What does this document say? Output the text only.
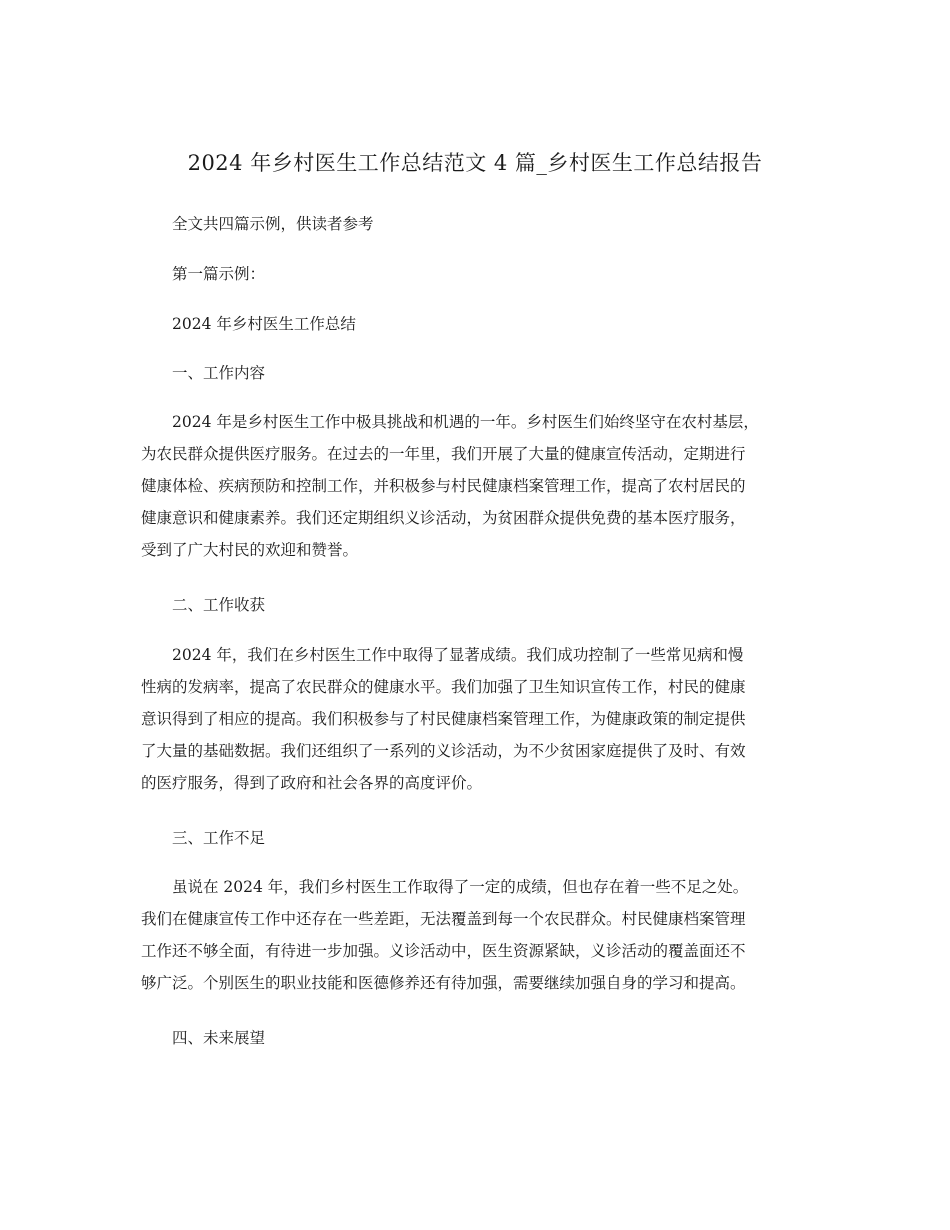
2024 年乡村医生工作总结范文 4 篇_乡村医生工作总结报告

全文共四篇示例，供读者参考

第一篇示例：

2024 年乡村医生工作总结

一、工作内容

2024 年是乡村医生工作中极具挑战和机遇的一年。乡村医生们始终坚守在农村基层，

为农民群众提供医疗服务。在过去的一年里，我们开展了大量的健康宣传活动，定期进行

健康体检、疾病预防和控制工作，并积极参与村民健康档案管理工作，提高了农村居民的

健康意识和健康素养。我们还定期组织义诊活动，为贫困群众提供免费的基本医疗服务，

受到了广大村民的欢迎和赞誉。

二、工作收获

2024 年，我们在乡村医生工作中取得了显著成绩。我们成功控制了一些常见病和慢

性病的发病率，提高了农民群众的健康水平。我们加强了卫生知识宣传工作，村民的健康

意识得到了相应的提高。我们积极参与了村民健康档案管理工作，为健康政策的制定提供

了大量的基础数据。我们还组织了一系列的义诊活动，为不少贫困家庭提供了及时、有效

的医疗服务，得到了政府和社会各界的高度评价。

三、工作不足

虽说在 2024 年，我们乡村医生工作取得了一定的成绩，但也存在着一些不足之处。

我们在健康宣传工作中还存在一些差距，无法覆盖到每一个农民群众。村民健康档案管理

工作还不够全面，有待进一步加强。义诊活动中，医生资源紧缺，义诊活动的覆盖面还不

够广泛。个别医生的职业技能和医德修养还有待加强，需要继续加强自身的学习和提高。

四、未来展望
